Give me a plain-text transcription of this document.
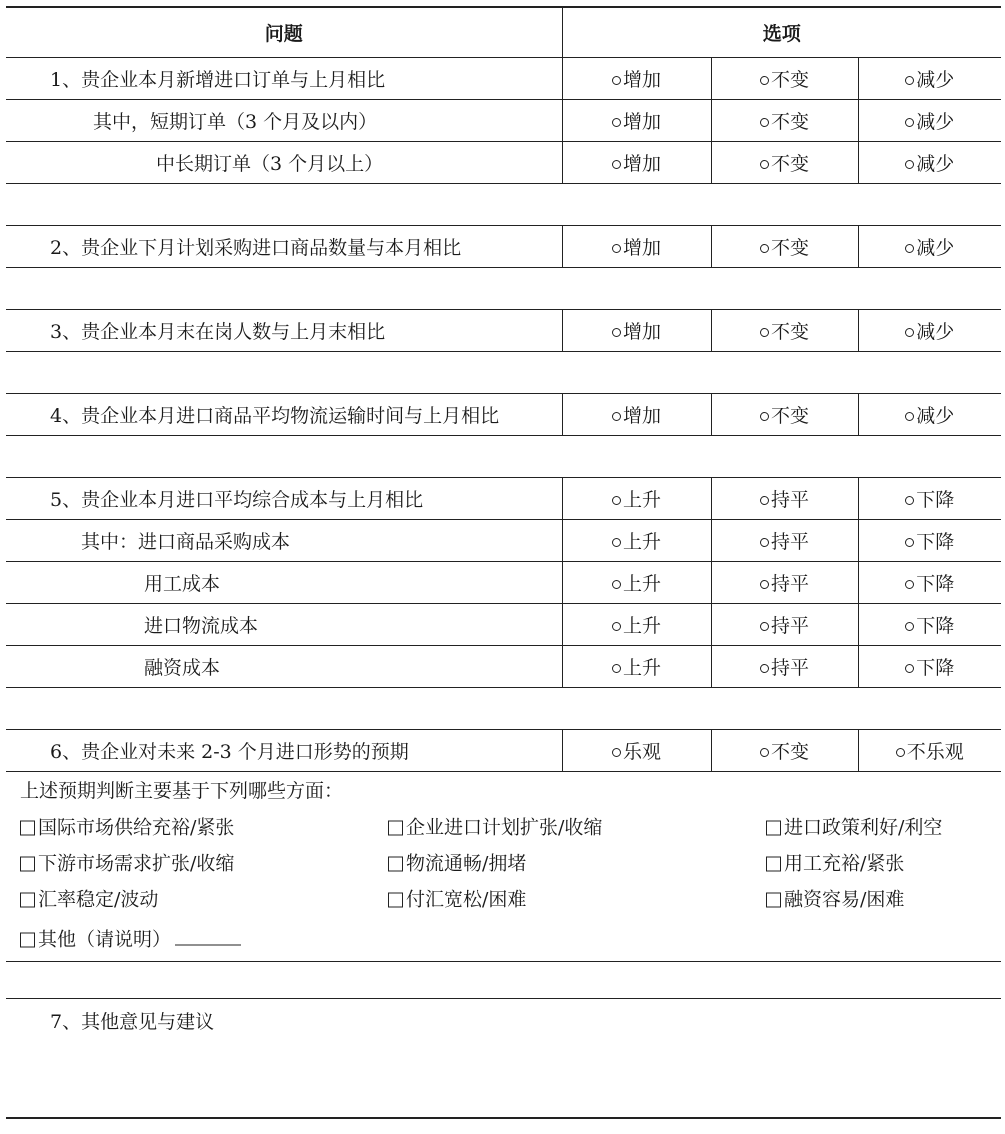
问题	选项		
1、贵企业本月新增进口订单与上月相比	增加	不变	减少
其中，短期订单（3 个月及以内）	增加	不变	减少
中长期订单（3 个月以上）	增加	不变	减少

2、贵企业下月计划采购进口商品数量与本月相比	增加	不变	减少

3、贵企业本月末在岗人数与上月末相比	增加	不变	减少

4、贵企业本月进口商品平均物流运输时间与上月相比	增加	不变	减少

5、贵企业本月进口平均综合成本与上月相比	上升	持平	下降
其中：进口商品采购成本	上升	持平	下降
用工成本	上升	持平	下降
进口物流成本	上升	持平	下降
融资成本	上升	持平	下降

6、贵企业对未来 2-3 个月进口形势的预期	乐观	不变	不乐观
上述预期判断主要基于下列哪些方面：			

国际市场供给充裕/紧张 企业进口计划扩张/收缩 进口政策利好/利空			

下游市场需求扩张/收缩 物流通畅/拥堵 用工充裕/紧张			

汇率稳定/波动 付汇宽松/困难 融资容易/困难			

其他（请说明）			

7、其他意见与建议			
